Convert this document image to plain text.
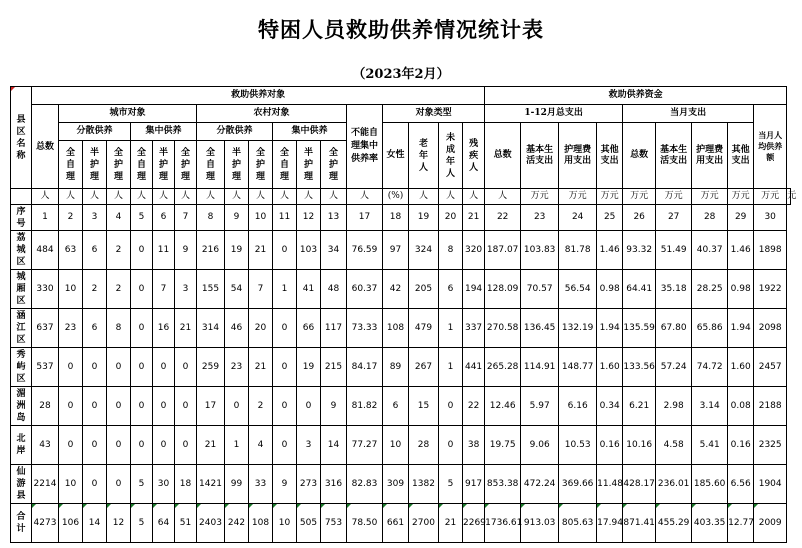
特困人员救助供养情况统计表
（2023年2月）
县区名称	救助供养对象																		救助供养资金									
	总数	城市对象						农村对象						不能自理集中供养率	对象类型				1-12月总支出				当月支出				当月人均供养额	
		分散供养			集中供养			分散供养			集中供养				女性	老年人	未成年人	残疾人	总数	基本生活支出	护理费用支出	其他支出	总数	基本生活支出	护理费用支出	其他支出		
		全自理	半护理	全护理	全自理	半护理	全护理	全自理	半护理	全护理	全自理	半护理	全护理															
	人	人	人	人	人	人	人	人	人	人	人	人	人	人	(%)	人	人	人	人	万元	万元	万元	万元	万元	万元	万元	万元	元
序号	1	2	3	4	5	6	7	8	9	10	11	12	13	17	18	19	20	21	22	23	24	25	26	27	28	29	30	
荔城区	484	63	6	2	0	11	9	216	19	21	0	103	34	76.59	97	324	8	320	187.07	103.83	81.78	1.46	93.32	51.49	40.37	1.46	1898	
城厢区	330	10	2	2	0	7	3	155	54	7	1	41	48	60.37	42	205	6	194	128.09	70.57	56.54	0.98	64.41	35.18	28.25	0.98	1922	
涵江区	637	23	6	8	0	16	21	314	46	20	0	66	117	73.33	108	479	1	337	270.58	136.45	132.19	1.94	135.59	67.80	65.86	1.94	2098	
秀屿区	537	0	0	0	0	0	0	259	23	21	0	19	215	84.17	89	267	1	441	265.28	114.91	148.77	1.60	133.56	57.24	74.72	1.60	2457	
湄洲岛	28	0	0	0	0	0	0	17	0	2	0	0	9	81.82	6	15	0	22	12.46	5.97	6.16	0.34	6.21	2.98	3.14	0.08	2188	
北岸	43	0	0	0	0	0	0	21	1	4	0	3	14	77.27	10	28	0	38	19.75	9.06	10.53	0.16	10.16	4.58	5.41	0.16	2325	
仙游县	2214	10	0	0	5	30	18	1421	99	33	9	273	316	82.83	309	1382	5	917	853.38	472.24	369.66	11.48	428.17	236.01	185.60	6.56	1904	
合计	4273	106	14	12	5	64	51	2403	242	108	10	505	753	78.50	661	2700	21	2269	1736.61	913.03	805.63	17.94	871.41	455.29	403.35	12.77	2009	
